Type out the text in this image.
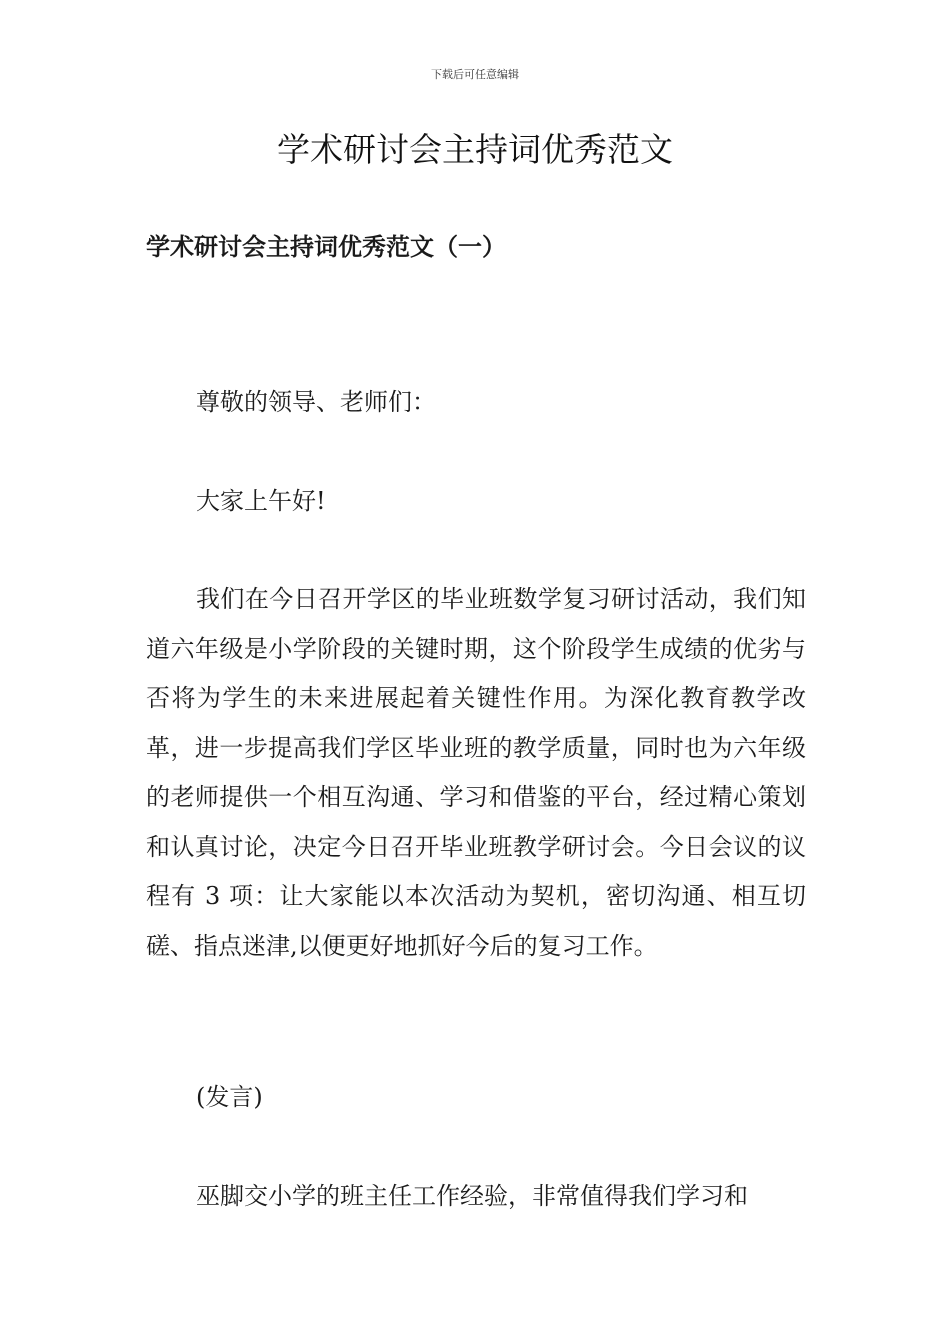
下载后可任意编辑
学术研讨会主持词优秀范文
学术研讨会主持词优秀范文（一）

尊敬的领导、老师们：

大家上午好!

我们在今日召开学区的毕业班数学复习研讨活动，我们知道六年级是小学阶段的关键时期，这个阶段学生成绩的优劣与否将为学生的未来进展起着关键性作用。为深化教育教学改革，进一步提高我们学区毕业班的教学质量，同时也为六年级的老师提供一个相互沟通、学习和借鉴的平台，经过精心策划和认真讨论，决定今日召开毕业班教学研讨会。今日会议的议程有 3 项：让大家能以本次活动为契机，密切沟通、相互切磋、指点迷津,以便更好地抓好今后的复习工作。

(发言)

巫脚交小学的班主任工作经验，非常值得我们学习和
